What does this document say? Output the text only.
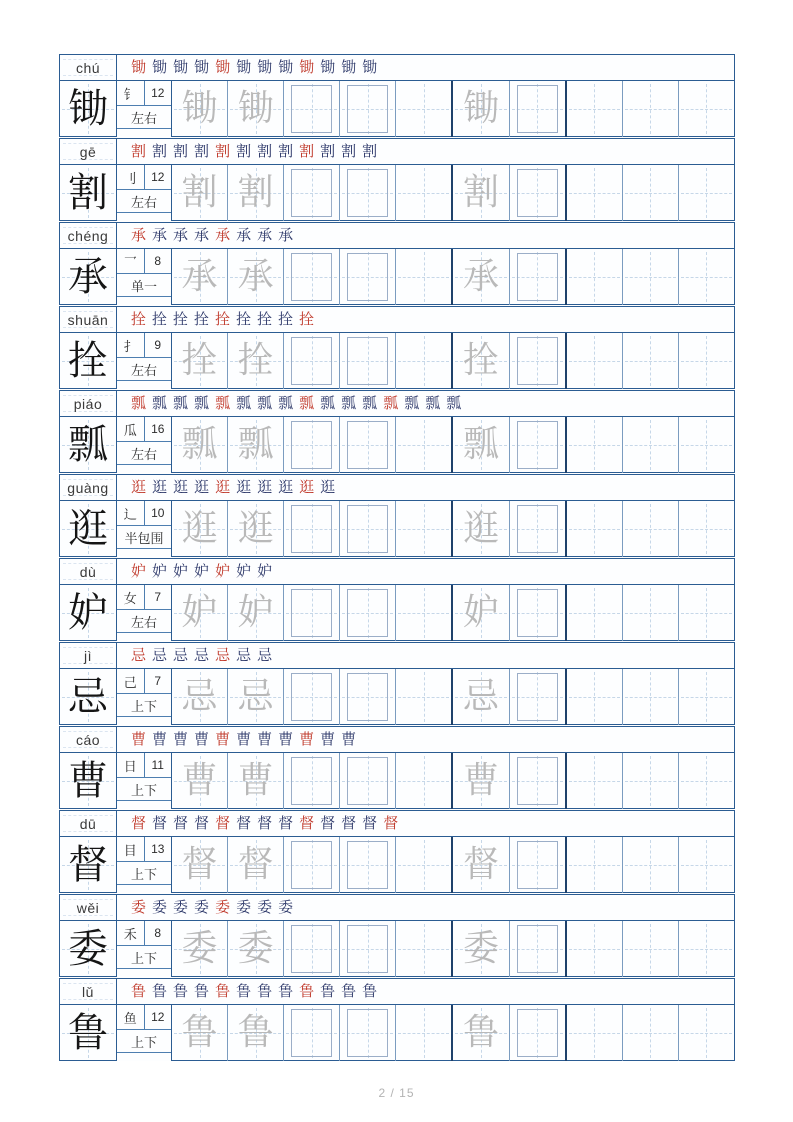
chú 锄 锄 锄 锄 锄 锄 锄 锄 锄 锄 锄 锄
锄	钅	12
左右 锄 锄	锄
gē 割 割 割 割 割 割 割 割 割 割 割 割
割	刂	12
左右 割 割	割
chéng 承 承 承 承 承 承 承 承
承	乛	8
单一 承 承	承
shuān 拴 拴 拴 拴 拴 拴 拴 拴 拴
拴	扌	9
左右 拴 拴	拴
piáo 瓢 瓢 瓢 瓢 瓢 瓢 瓢 瓢 瓢 瓢 瓢 瓢 瓢 瓢 瓢 瓢
瓢	瓜	16
左右 瓢 瓢	瓢
guàng 逛 逛 逛 逛 逛 逛 逛 逛 逛 逛
逛	辶	10
半包围 逛 逛	逛
dù 妒 妒 妒 妒 妒 妒 妒
妒	女	7
左右 妒 妒	妒
jì	忌 忌 忌 忌 忌 忌 忌
忌	己	7
上下 忌 忌	忌
cáo 曹 曹 曹 曹 曹 曹 曹 曹 曹 曹 曹
曹	日	11
上下 曹 曹	曹
dū 督 督 督 督 督 督 督 督 督 督 督 督 督
督	目	13
上下 督 督	督
wěi 委 委 委 委 委 委 委 委
委	禾	8
上下 委 委	委
lǔ 鲁 鲁 鲁 鲁 鲁 鲁 鲁 鲁 鲁 鲁 鲁 鲁
鲁	鱼	12
上下 鲁 鲁	鲁
2 / 15
